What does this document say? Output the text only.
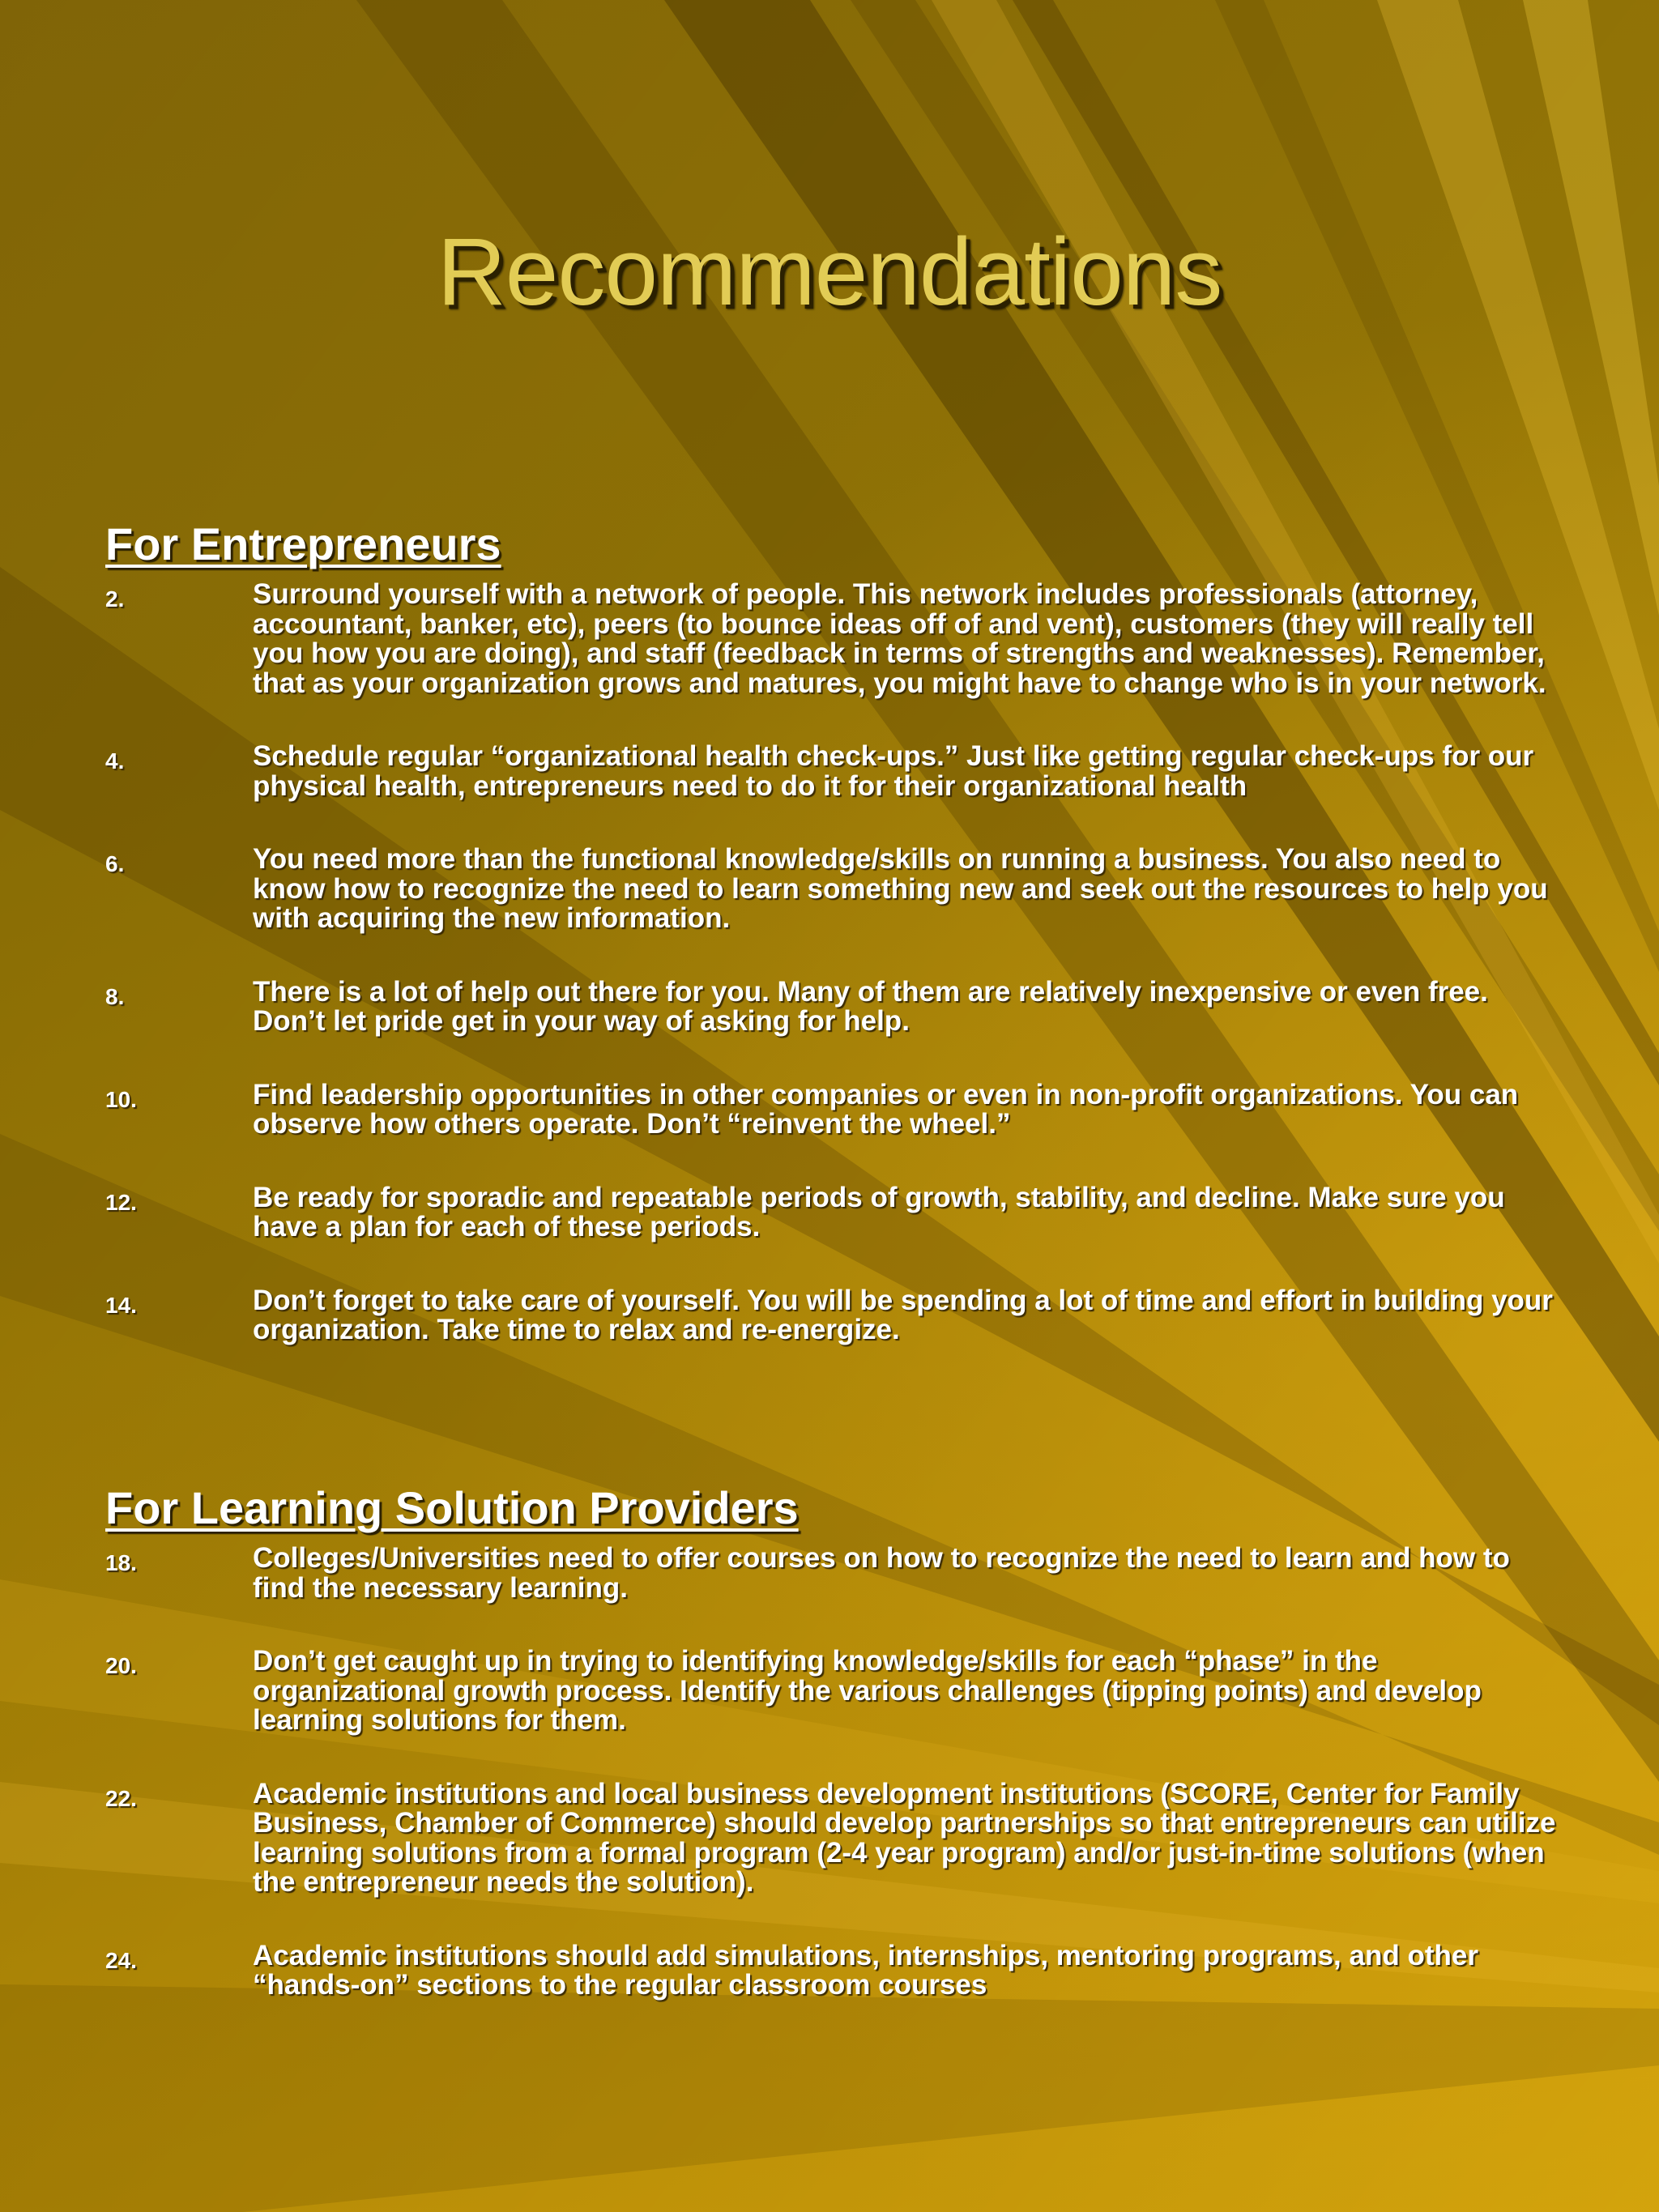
Recommendations
For Entrepreneurs
2.	Surround yourself with a network of people. This network includes professionals (attorney, accountant, banker, etc), peers (to bounce ideas off of and vent), customers (they will really tell you how you are doing), and staff (feedback in terms of strengths and weaknesses). Remember, that as your organization grows and matures, you might have to change who is in your network.
4.	Schedule regular “organizational health check-ups.” Just like getting regular check-ups for our physical health, entrepreneurs need to do it for their organizational health
6.	You need more than the functional knowledge/skills on running a business. You also need to know how to recognize the need to learn something new and seek out the resources to help you with acquiring the new information.
8.	There is a lot of help out there for you. Many of them are relatively inexpensive or even free. Don’t let pride get in your way of asking for help.
10.	Find leadership opportunities in other companies or even in non-profit organizations. You can observe how others operate. Don’t “reinvent the wheel.”
12.	Be ready for sporadic and repeatable periods of growth, stability, and decline. Make sure you have a plan for each of these periods.
14.	Don’t forget to take care of yourself. You will be spending a lot of time and effort in building your organization. Take time to relax and re-energize.
For Learning Solution Providers
18.	Colleges/Universities need to offer courses on how to recognize the need to learn and how to find the necessary learning.
20.	Don’t get caught up in trying to identifying knowledge/skills for each “phase” in the organizational growth process. Identify the various challenges (tipping points) and develop learning solutions for them.
22.	Academic institutions and local business development institutions (SCORE, Center for Family Business, Chamber of Commerce) should develop partnerships so that entrepreneurs can utilize learning solutions from a formal program (2-4 year program) and/or just-in-time solutions (when the entrepreneur needs the solution).
24.	Academic institutions should add simulations, internships, mentoring programs, and other “hands-on” sections to the regular classroom courses
